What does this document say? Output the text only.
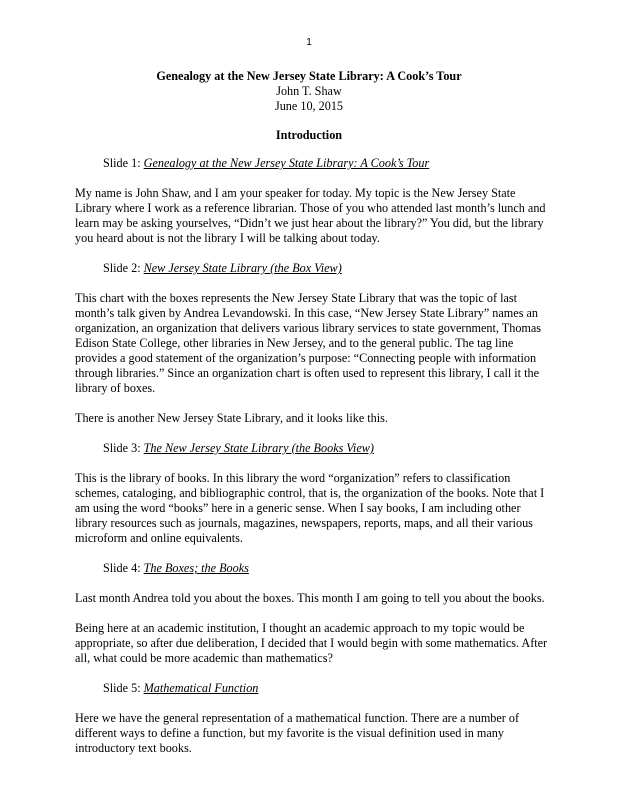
1
Genealogy at the New Jersey State Library: A Cook’s Tour
John T. Shaw
June 10, 2015
Introduction
Slide 1: Genealogy at the New Jersey State Library: A Cook’s Tour

My name is John Shaw, and I am your speaker for today. My topic is the New Jersey State Library where I work as a reference librarian. Those of you who attended last month’s lunch and learn may be asking yourselves, “Didn’t we just hear about the library?” You did, but the library you heard about is not the library I will be talking about today.

Slide 2: New Jersey State Library (the Box View)

This chart with the boxes represents the New Jersey State Library that was the topic of last month’s talk given by Andrea Levandowski. In this case, “New Jersey State Library” names an organization, an organization that delivers various library services to state government, Thomas Edison State College, other libraries in New Jersey, and to the general public. The tag line provides a good statement of the organization’s purpose: “Connecting people with information through libraries.” Since an organization chart is often used to represent this library, I call it the library of boxes.

There is another New Jersey State Library, and it looks like this.

Slide 3: The New Jersey State Library (the Books View)

This is the library of books. In this library the word “organization” refers to classification schemes, cataloging, and bibliographic control, that is, the organization of the books. Note that I am using the word “books” here in a generic sense. When I say books, I am including other library resources such as journals, magazines, newspapers, reports, maps, and all their various microform and online equivalents.

Slide 4: The Boxes; the Books

Last month Andrea told you about the boxes. This month I am going to tell you about the books.

Being here at an academic institution, I thought an academic approach to my topic would be appropriate, so after due deliberation, I decided that I would begin with some mathematics. After all, what could be more academic than mathematics?

Slide 5: Mathematical Function

Here we have the general representation of a mathematical function. There are a number of different ways to define a function, but my favorite is the visual definition used in many introductory text books.
